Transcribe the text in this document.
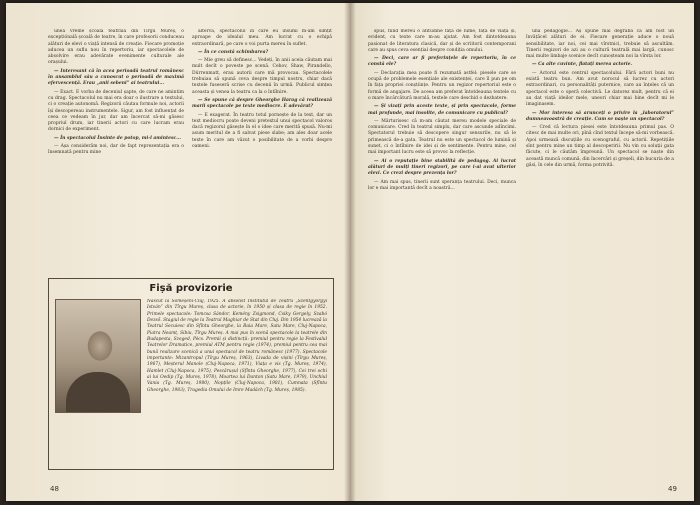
unea vreme școala teatrală din Tîrgu Mureș, o exceptiónală școală de teatre, în care profesorii conduceau alături de elevi o viață intensă de creație. Fiecare promoție aducea un suflu nou în repertoriu, iar spectacolele de absolvire erau adevărate evenimente culturale ale orașului.

— Interesant că în acea perioadă teatrul românesc în ansamblul său a cunoscut o perioadă de maximă efervescență. Erau „anii sebeni” ai teatrului...

— Exact. E vorba de deceniul șapte, de care ne amintim cu drag. Spectacolul nu mai era doar o ilustrare a textului, ci o creație autonomă. Regizorii căutau formule noi, actorii își descopereau instrumentele. Sigur, am fost influențat de ceea ce vedeam în jur, dar am încercat să-mi găsesc propriul drum, iar tinerii actori cu care lucram erau dornici de experiment.

— În spectacolul Însinte de potop, mi-l amintesc...

— Așa considerăm noi, dar de fapt reprezentația era o însemnată pentru mine

alterva, spectacolul în care eu însumi m-am simțit aproape de idealul meu. Am lucrat cu o echipă extraordinară, pe care o voi purta mereu în suflet.

— În ce constă schimbarea?

— Mie greu să definesc... Vedeți, în anii aceia căutam mai mult decît o poveste pe scenă. Cehov, Shaw, Pirandello, Dürrenmatt, erau autorii care mă provocau. Spectacolele trebuiau să spună ceva despre timpul nostru, chiar dacă textele fuseseră scrise cu decenii în urmă. Publicul simțea aceasta și venea la teatru ca la o întîlnire.

— Se spune că despre Gheorghe Harag că realizează marii spectacole pe texte mediocre. E adevărat?

— E exagerat. În teatru totul pornește de la text, dar un text mediocru poate deveni pretextul unui spectacol valoros dacă regizorul găsește în el o idee care merită spusă. Nu-mi asum meritul de a fi salvat piese slabe; am ales doar acele texte în care am văzut o posibilitate de a vorbi despre oameni.

Fișă provizorie
Născut la Someșeni-Cluj, 1925. A absolvit Institutul de Teatru „Szentgyörgyi István” din Tîrgu Mureș, clasa de actorie, în 1950 și clasa de regie în 1952. Primele spectacole: Tomcsa Sándor, Kemény Zsigmond, Csiky Gergely, Szabó Dezső. Stagiul de regie la Teatrul Maghiar de Stat din Cluj. Din 1954 lucrează la Teatrul Secuiesc din Sfîntu Gheorghe, la Baia Mare, Satu Mare, Cluj-Napoca, Piatra Neamț, Sibiu, Tîrgu Mureș. A mai pus în scenă spectacole la teatrele din Budapesta, Szeged, Pécs. Premii și distincții: premiul pentru regie la Festivalul Teatrelor Dramatice, premiul ATM pentru regie (1974), premiul pentru cea mai bună realizare scenică a unui spectacol de teatru românesc (1977). Spectacole importante: Mizantropul (Tîrgu Mureș, 1963), Livada de vișini (Tîrgu Mureș, 1967), Meșterul Manole (Cluj-Napoca, 1971), Viața e vis (Tg. Mureș, 1974), Hamlet (Cluj-Napoca, 1975), Pescărușul (Sfîntu Gheorghe, 1977), Cei trei ochi ai lui Oedip (Tg. Mureș, 1978), Moartea lui Danton (Satu Mare, 1979), Unchiul Vania (Tg. Mureș, 1980), Nopțile (Cluj-Napoca, 1981), Cumnata (Sfîntu Gheorghe, 1983), Tragedia Omului de Imre Madách (Tg. Mureș, 1985).
48

spus, fiind mereu o atitudine față de lume, față de viață și, evident, cu texte care m-au ajutat. Am fost dintotdeauna pasionat de literatura clasică, dar și de scriitorii contemporani care au spus ceva esențial despre condiția omului.

— Deci, care ar fi preferințele de repertoriu, în ce constă ele?

— Declarația mea poate fi rezumată astfel: piesele care se ocupă de problemele esențiale ale existenței, care îl pun pe om în fața propriei conștiințe. Pentru un regizor repertoriul este o formă de angajare. De aceea am preferat întotdeauna textele cu o mare încărcătură morală, textele care deschid o dezbatere.

— Și vizați prin aceste texte, și prin spectacole, forme mai profunde, mai insolite, de comunicare cu publicul?

— Mărturisesc că m-am căutat mereu modele speciale de comunicare. Cred în teatrul simplu, dar care ascunde adîncimi. Spectatorul trebuie să descopere singur sensurile, nu să le primească de-a gata. Teatrul nu este un spectacol de lumină și sunet, ci o întîlnire de idei și de sentimente. Pentru mine, cel mai important lucru este să provoc la reflecție.

— Ai o reputație bine stabilită de pedagog. Ai lucrat alături de mulți tineri regizori, pe care i-ai avut ulterior elevi. Ce crezi despre prezența lor?

— Am mai spus, tinerii sunt speranța teatrului. Deci, munca lor e mai importantă decît a noastră...

ună pedagogie... Aș spune mai degrabă că am fost un învățăcel alături de ei. Fiecare generație aduce o nouă sensibilitate, iar noi, cei mai vîrstnici, trebuie să ascultăm. Tinerii regizori de azi au o cultură teatrală mai largă, cunosc mai multe limbaje scenice decît cunoșteam noi la vîrsta lor.

— Ca alte cuvinte, flatați merea actorie.

— Actorul este centrul spectacolului. Fără actori buni nu există teatru bun. Am avut norocul să lucrez cu actori extraordinari, cu personalități puternice, care au înțeles că un spectacol este o operă colectivă. Le datorez mult, pentru că ei au dat viață ideilor mele, uneori chiar mai bine decît mi le imaginasem.

— Mor interesa să arunceți o privire la „laboratorul” dumneavoastră de creație. Cum se naște un spectacol?

— Cred că lectura piesei este întotdeauna primul pas. O citesc de mai multe ori, pînă cînd textul începe să-mi vorbească. Apoi urmează discuțiile cu scenograful, cu actorii. Repetițiile sînt pentru mine un timp al descoperirii. Nu vin cu soluții gata făcute, ci le căutăm împreună. Un spectacol se naște din această muncă comună, din încercări și greșeli, din bucuria de a găsi, în cele din urmă, forma potrivită.

49
